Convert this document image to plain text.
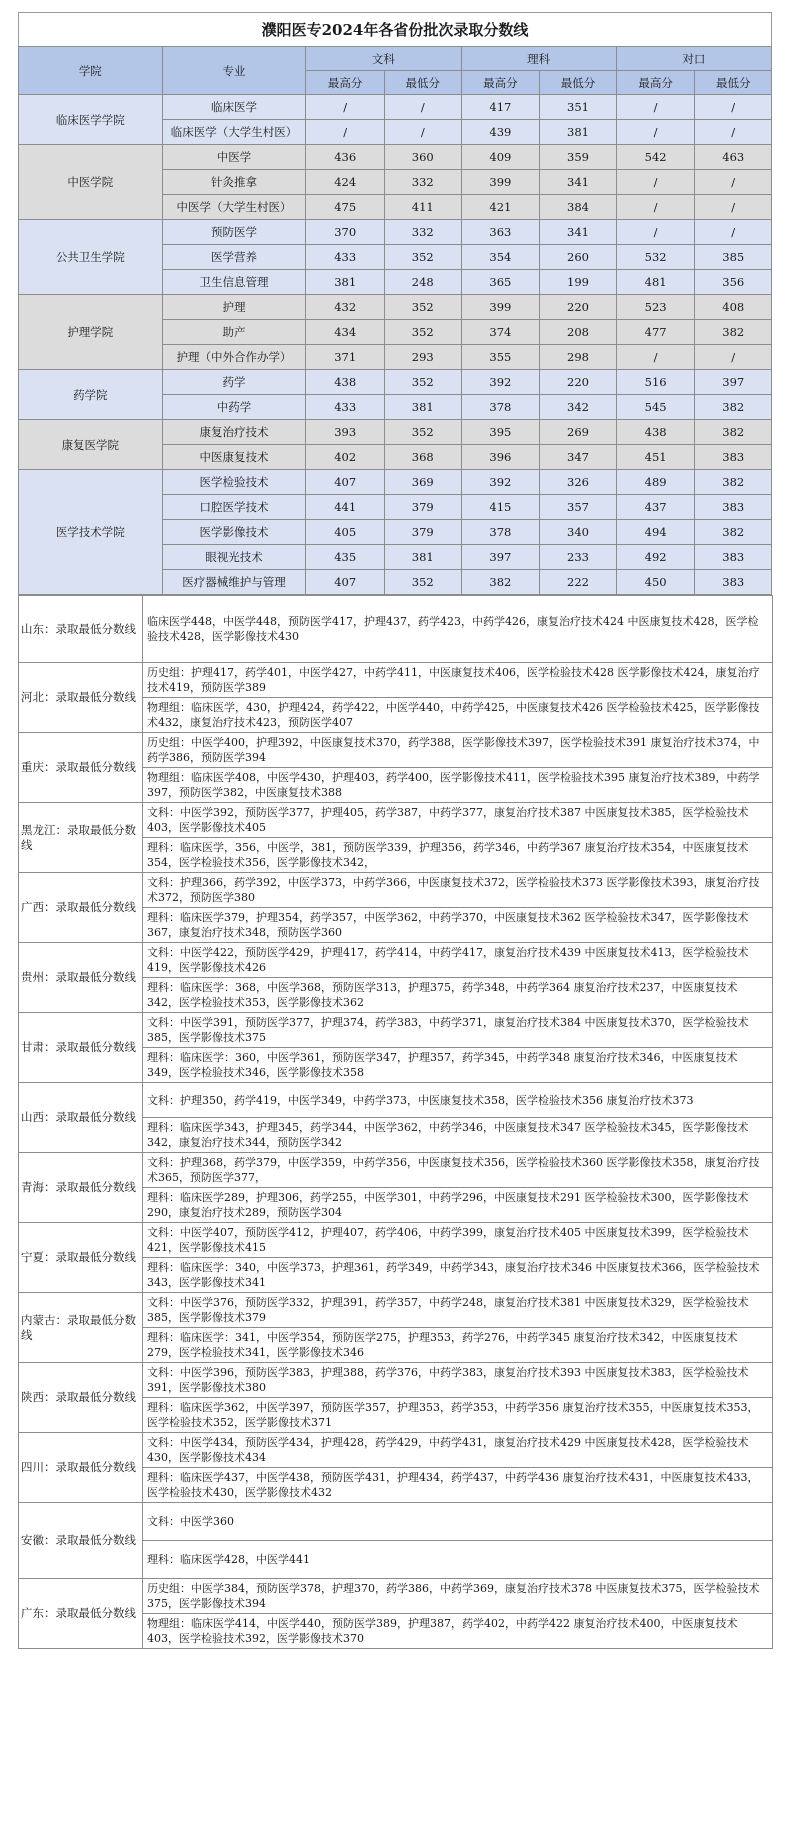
濮阳医专2024年各省份批次录取分数线
学院	专业	文科		理科		对口	
		最高分	最低分	最高分	最低分	最高分	最低分
临床医学学院	临床医学	/	/	417	351	/	/
	临床医学（大学生村医）	/	/	439	381	/	/
中医学院	中医学	436	360	409	359	542	463
	针灸推拿	424	332	399	341	/	/
	中医学（大学生村医）	475	411	421	384	/	/
公共卫生学院	预防医学	370	332	363	341	/	/
	医学营养	433	352	354	260	532	385
	卫生信息管理	381	248	365	199	481	356
护理学院	护理	432	352	399	220	523	408
	助产	434	352	374	208	477	382
	护理（中外合作办学）	371	293	355	298	/	/
药学院	药学	438	352	392	220	516	397
	中药学	433	381	378	342	545	382
康复医学院	康复治疗技术	393	352	395	269	438	382
	中医康复技术	402	368	396	347	451	383
医学技术学院	医学检验技术	407	369	392	326	489	382
	口腔医学技术	441	379	415	357	437	383
	医学影像技术	405	379	378	340	494	382
	眼视光技术	435	381	397	233	492	383
	医疗器械维护与管理	407	352	382	222	450	383
山东：录取最低分数线	临床医学448，中医学448，预防医学417，护理437，药学423，中药学426，康复治疗技术424 中医康复技术428，医学检验技术428，医学影像技术430
河北：录取最低分数线	历史组：护理417，药学401，中医学427，中药学411，中医康复技术406，医学检验技术428 医学影像技术424，康复治疗技术419，预防医学389
	物理组：临床医学，430，护理424，药学422，中医学440，中药学425，中医康复技术426 医学检验技术425，医学影像技术432，康复治疗技术423，预防医学407
重庆：录取最低分数线	历史组：中医学400，护理392，中医康复技术370，药学388，医学影像技术397，医学检验技术391 康复治疗技术374，中药学386，预防医学394
	物理组：临床医学408，中医学430，护理403，药学400，医学影像技术411，医学检验技术395 康复治疗技术389，中药学397，预防医学382，中医康复技术388
黑龙江：录取最低分数线	文科：中医学392，预防医学377，护理405，药学387，中药学377，康复治疗技术387 中医康复技术385，医学检验技术403，医学影像技术405
	理科：临床医学，356，中医学，381，预防医学339，护理356，药学346，中药学367 康复治疗技术354，中医康复技术354，医学检验技术356，医学影像技术342，
广西：录取最低分数线	文科：护理366，药学392，中医学373，中药学366，中医康复技术372，医学检验技术373 医学影像技术393，康复治疗技术372，预防医学380
	理科：临床医学379，护理354，药学357，中医学362，中药学370，中医康复技术362 医学检验技术347，医学影像技术367，康复治疗技术348，预防医学360
贵州：录取最低分数线	文科：中医学422，预防医学429，护理417，药学414，中药学417，康复治疗技术439 中医康复技术413，医学检验技术419，医学影像技术426
	理科：临床医学：368，中医学368，预防医学313，护理375，药学348，中药学364 康复治疗技术237，中医康复技术342，医学检验技术353，医学影像技术362
甘肃：录取最低分数线	文科：中医学391，预防医学377，护理374，药学383，中药学371，康复治疗技术384 中医康复技术370，医学检验技术385，医学影像技术375
	理科：临床医学：360，中医学361，预防医学347，护理357，药学345，中药学348 康复治疗技术346，中医康复技术349，医学检验技术346，医学影像技术358
山西：录取最低分数线	文科：护理350，药学419，中医学349，中药学373，中医康复技术358，医学检验技术356 康复治疗技术373
	理科：临床医学343，护理345，药学344，中医学362，中药学346，中医康复技术347 医学检验技术345，医学影像技术342，康复治疗技术344，预防医学342
青海：录取最低分数线	文科：护理368，药学379，中医学359，中药学356，中医康复技术356，医学检验技术360 医学影像技术358，康复治疗技术365，预防医学377，
	理科：临床医学289，护理306，药学255，中医学301，中药学296，中医康复技术291 医学检验技术300，医学影像技术290，康复治疗技术289，预防医学304
宁夏：录取最低分数线	文科：中医学407，预防医学412，护理407，药学406，中药学399，康复治疗技术405 中医康复技术399，医学检验技术421，医学影像技术415
	理科：临床医学：340，中医学373，护理361，药学349，中药学343，康复治疗技术346 中医康复技术366，医学检验技术343，医学影像技术341
内蒙古：录取最低分数线	文科：中医学376，预防医学332，护理391，药学357，中药学248，康复治疗技术381 中医康复技术329，医学检验技术385，医学影像技术379
	理科：临床医学：341，中医学354，预防医学275，护理353，药学276，中药学345 康复治疗技术342，中医康复技术279，医学检验技术341，医学影像技术346
陕西：录取最低分数线	文科：中医学396，预防医学383，护理388，药学376，中药学383，康复治疗技术393 中医康复技术383，医学检验技术391，医学影像技术380
	理科：临床医学362，中医学397，预防医学357，护理353，药学353，中药学356 康复治疗技术355，中医康复技术353，医学检验技术352，医学影像技术371
四川：录取最低分数线	文科：中医学434，预防医学434，护理428，药学429，中药学431，康复治疗技术429 中医康复技术428，医学检验技术430，医学影像技术434
	理科：临床医学437，中医学438，预防医学431，护理434，药学437，中药学436 康复治疗技术431，中医康复技术433，医学检验技术430，医学影像技术432
安徽：录取最低分数线	文科：中医学360
	理科：临床医学428，中医学441
广东：录取最低分数线	历史组：中医学384，预防医学378，护理370，药学386，中药学369，康复治疗技术378 中医康复技术375，医学检验技术375，医学影像技术394
	物理组：临床医学414，中医学440，预防医学389，护理387，药学402，中药学422 康复治疗技术400，中医康复技术403，医学检验技术392，医学影像技术370
